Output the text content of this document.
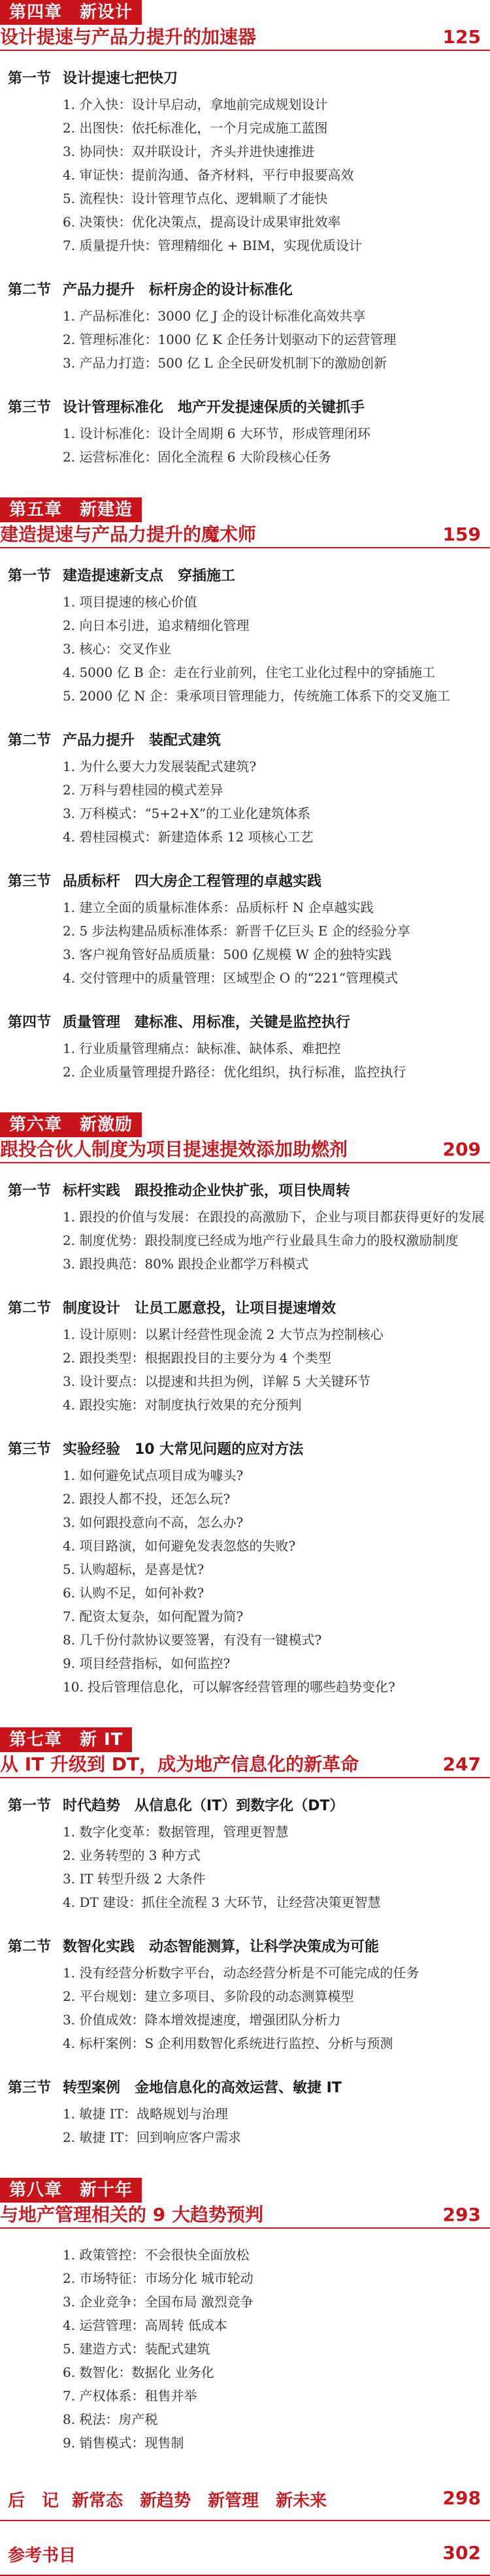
第四章　新设计
设计提速与产品力提升的加速器	125
第一节 设计提速七把快刀
1. 介入快：设计早启动，拿地前完成规划设计
2. 出图快：依托标准化，一个月完成施工蓝图
3. 协同快：双并联设计，齐头并进快速推进
4. 审证快：提前沟通、备齐材料，平行申报要高效
5. 流程快：设计管理节点化、逻辑顺了才能快
6. 决策快：优化决策点，提高设计成果审批效率
7. 质量提升快：管理精细化 + BIM，实现优质设计
第二节 产品力提升　标杆房企的设计标准化
1. 产品标准化：3000 亿 J 企的设计标准化高效共享
2. 管理标准化：1000 亿 K 企任务计划驱动下的运营管理
3. 产品力打造：500 亿 L 企全民研发机制下的激励创新
第三节 设计管理标准化　地产开发提速保质的关键抓手
1. 设计标准化：设计全周期 6 大环节，形成管理闭环
2. 运营标准化：固化全流程 6 大阶段核心任务
第五章　新建造
建造提速与产品力提升的魔术师	159
第一节 建造提速新支点　穿插施工
1. 项目提速的核心价值
2. 向日本引进，追求精细化管理
3. 核心：交叉作业
4. 5000 亿 B 企：走在行业前列，住宅工业化过程中的穿插施工
5. 2000 亿 N 企：秉承项目管理能力，传统施工体系下的交叉施工
第二节 产品力提升　装配式建筑
1. 为什么要大力发展装配式建筑?
2. 万科与碧桂园的模式差异
3. 万科模式：“5+2+X”的工业化建筑体系
4. 碧桂园模式：新建造体系 12 项核心工艺
第三节 品质标杆　四大房企工程管理的卓越实践
1. 建立全面的质量标准体系：品质标杆 N 企卓越实践
2. 5 步法构建品质标准体系：新晋千亿巨头 E 企的经验分享
3. 客户视角管好品质质量：500 亿规模 W 企的独特实践
4. 交付管理中的质量管理：区域型企 O 的“221”管理模式
第四节 质量管理　建标准、用标准，关键是监控执行
1. 行业质量管理痛点：缺标准、缺体系、难把控
2. 企业质量管理提升路径：优化组织，执行标准，监控执行
第六章　新激励
跟投合伙人制度为项目提速提效添加助燃剂	209
第一节 标杆实践　跟投推动企业快扩张，项目快周转
1. 跟投的价值与发展：在跟投的高激励下，企业与项目都获得更好的发展
2. 制度优势：跟投制度已经成为地产行业最具生命力的股权激励制度
3. 跟投典范：80% 跟投企业都学万科模式
第二节 制度设计　让员工愿意投，让项目提速增效
1. 设计原则：以累计经营性现金流 2 大节点为控制核心
2. 跟投类型：根据跟投目的主要分为 4 个类型
3. 设计要点：以提速和共担为例，详解 5 大关键环节
4. 跟投实施：对制度执行效果的充分预判
第三节 实验经验　10 大常见问题的应对方法
1. 如何避免试点项目成为噱头?
2. 跟投人都不投，还怎么玩?
3. 如何跟投意向不高，怎么办?
4. 项目路演，如何避免发表忽悠的失败?
5. 认购超标，是喜是忧?
6. 认购不足，如何补救?
7. 配资太复杂，如何配置为简?
8. 几千份付款协议要签署，有没有一键模式?
9. 项目经营指标，如何监控?
10. 投后管理信息化，可以解客经营管理的哪些趋势变化?
第七章　新 IT
从 IT 升级到 DT，成为地产信息化的新革命	247
第一节 时代趋势　从信息化（IT）到数字化（DT）
1. 数字化变革：数据管理，管理更智慧
2. 业务转型的 3 种方式
3. IT 转型升级 2 大条件
4. DT 建设：抓住全流程 3 大环节，让经营决策更智慧
第二节 数智化实践　动态智能测算，让科学决策成为可能
1. 没有经营分析数字平台，动态经营分析是不可能完成的任务
2. 平台规划：建立多项目、多阶段的动态测算模型
3. 价值成效：降本增效提速度，增强团队分析力
4. 标杆案例：S 企利用数智化系统进行监控、分析与预测
第三节 转型案例　金地信息化的高效运营、敏捷 IT
1. 敏捷 IT：战略规划与治理
2. 敏捷 IT：回到响应客户需求
第八章　新十年
与地产管理相关的 9 大趋势预判	293
1. 政策管控：不会很快全面放松
2. 市场特征：市场分化 城市轮动
3. 企业竞争：全国布局 激烈竞争
4. 运营管理：高周转 低成本
5. 建造方式：装配式建筑
6. 数智化：数据化 业务化
7. 产权体系：租售并举
8. 税法：房产税
9. 销售模式：现售制
后　记 新常态　新趋势　新管理　新未来	298
参考书目	302
